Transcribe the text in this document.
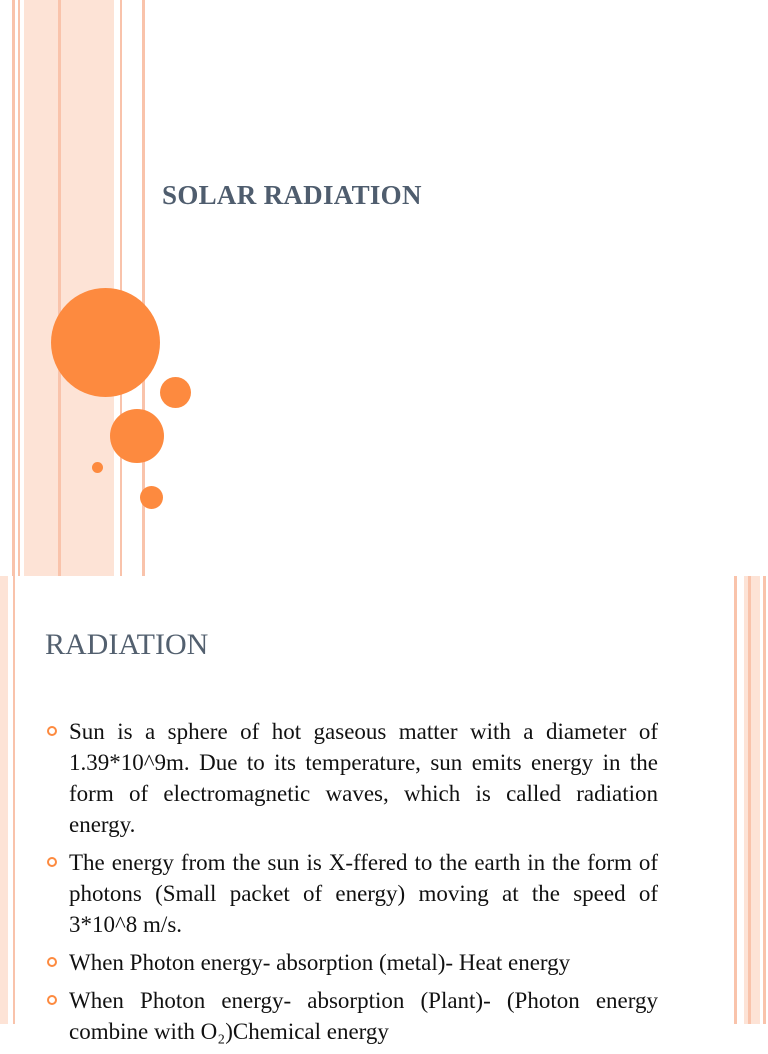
SOLAR RADIATION
RADIATION
Sun is a sphere of hot gaseous matter with a diameter of 1.39*10^9m. Due to its temperature, sun emits energy in the form of electromagnetic waves, which is called radiation energy.
The energy from the sun is X-ffered to the earth in the form of photons (Small packet of energy) moving at the speed of 3*10^8 m/s.
When Photon energy- absorption (metal)- Heat energy
When Photon energy- absorption (Plant)- (Photon energy combine with O₂)Chemical energy
